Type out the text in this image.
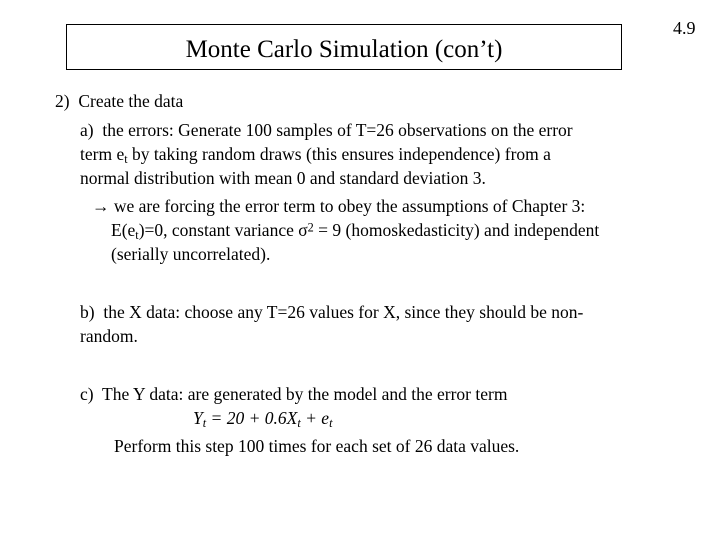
Monte Carlo Simulation (con’t)
4.9
2) Create the data
a) the errors: Generate 100 samples of T=26 observations on the error
term $e_t$ by taking random draws (this ensures independence) from a
normal distribution with mean 0 and standard deviation 3.
→ we are forcing the error term to obey the assumptions of Chapter 3:
$E(e_t)=0$, constant variance $\sigma^2 = 9$ (homoskedasticity) and independent
(serially uncorrelated).
b) the X data: choose any T=26 values for X, since they should be non-
random.
c) The Y data: are generated by the model and the error term
$Y_t = 20 + 0.6X_t + e_t$
Perform this step 100 times for each set of 26 data values.
